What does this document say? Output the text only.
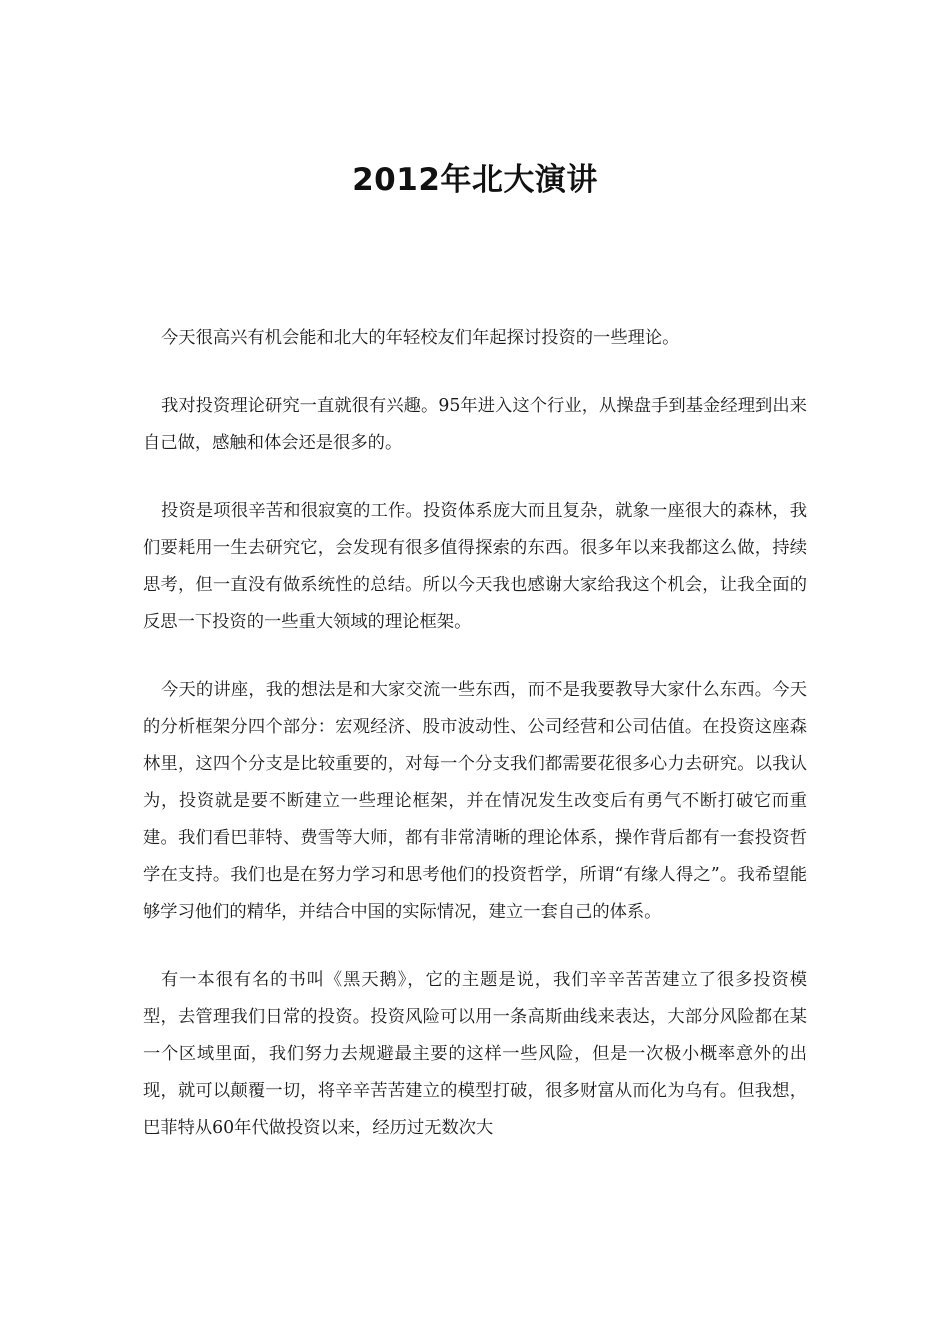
2012年北大演讲

今天很高兴有机会能和北大的年轻校友们年起探讨投资的一些理论。

我对投资理论研究一直就很有兴趣。95年进入这个行业，从操盘手到基金经理到出来自己做，感触和体会还是很多的。

投资是项很辛苦和很寂寞的工作。投资体系庞大而且复杂，就象一座很大的森林，我们要耗用一生去研究它，会发现有很多值得探索的东西。很多年以来我都这么做，持续思考，但一直没有做系统性的总结。所以今天我也感谢大家给我这个机会，让我全面的反思一下投资的一些重大领域的理论框架。

今天的讲座，我的想法是和大家交流一些东西，而不是我要教导大家什么东西。今天的分析框架分四个部分：宏观经济、股市波动性、公司经营和公司估值。在投资这座森林里，这四个分支是比较重要的，对每一个分支我们都需要花很多心力去研究。以我认为，投资就是要不断建立一些理论框架，并在情况发生改变后有勇气不断打破它而重建。我们看巴菲特、费雪等大师，都有非常清晰的理论体系，操作背后都有一套投资哲学在支持。我们也是在努力学习和思考他们的投资哲学，所谓“有缘人得之”。我希望能够学习他们的精华，并结合中国的实际情况，建立一套自己的体系。

有一本很有名的书叫《黑天鹅》，它的主题是说，我们辛辛苦苦建立了很多投资模型，去管理我们日常的投资。投资风险可以用一条高斯曲线来表达，大部分风险都在某一个区域里面，我们努力去规避最主要的这样一些风险，但是一次极小概率意外的出现，就可以颠覆一切，将辛辛苦苦建立的模型打破，很多财富从而化为乌有。但我想，巴菲特从60年代做投资以来，经历过无数次大
